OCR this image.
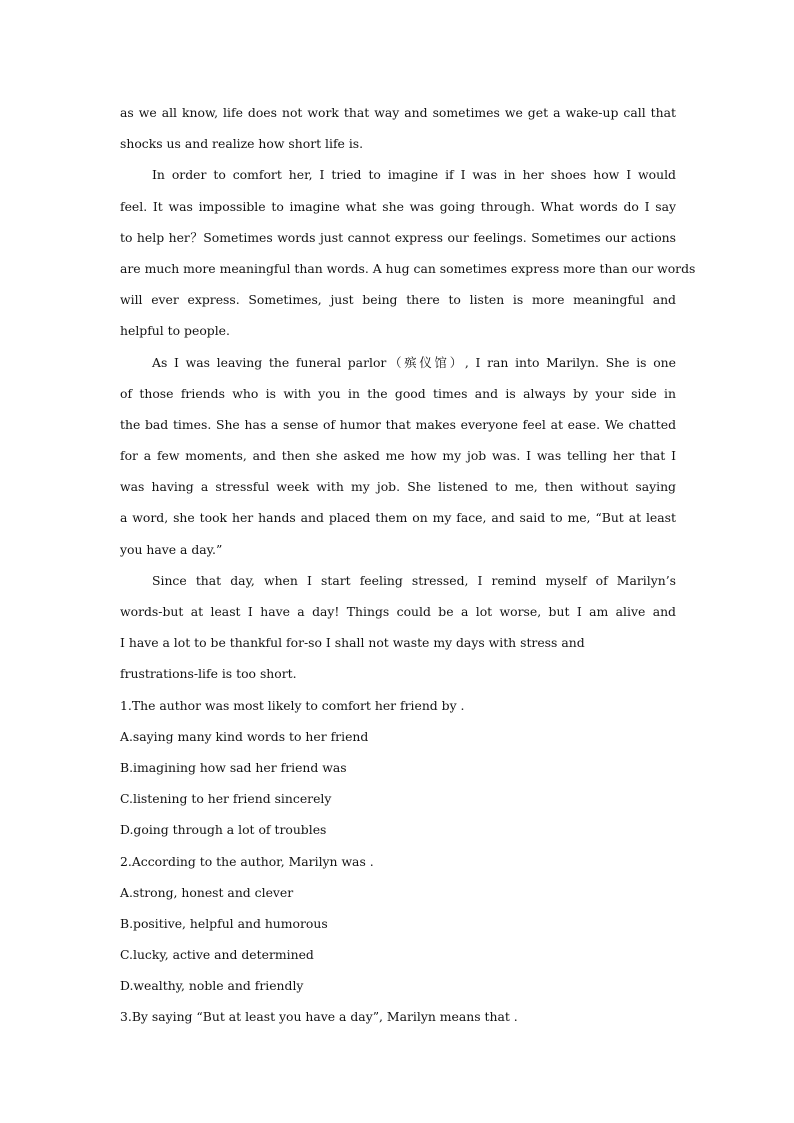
as we all know, life does not work that way and sometimes we get a wake-up call that
shocks us and realize how short life is.
In order to comfort her, I tried to imagine if I was in her shoes how I would
feel. It was impossible to imagine what she was going through. What words do I say
to help her？Sometimes words just cannot express our feelings. Sometimes our actions
are much more meaningful than words. A hug can sometimes express more than our words
will ever express. Sometimes, just being there to listen is more meaningful and
helpful to people.
As I was leaving the funeral parlor（殡仪馆）, I ran into Marilyn. She is one
of those friends who is with you in the good times and is always by your side in
the bad times. She has a sense of humor that makes everyone feel at ease. We chatted
for a few moments, and then she asked me how my job was. I was telling her that I
was having a stressful week with my job. She listened to me, then without saying
a word, she took her hands and placed them on my face, and said to me, “But at least
you have a day.”
Since that day, when I start feeling stressed, I remind myself of Marilyn’s
words-but at least I have a day! Things could be a lot worse, but I am alive and
I have a lot to be thankful for-so I shall not waste my days with stress and
frustrations-life is too short.
1.The author was most likely to comfort her friend by .
A.saying many kind words to her friend
B.imagining how sad her friend was
C.listening to her friend sincerely
D.going through a lot of troubles
2.According to the author, Marilyn was .
A.strong, honest and clever
B.positive, helpful and humorous
C.lucky, active and determined
D.wealthy, noble and friendly
3.By saying “But at least you have a day”, Marilyn means that .
